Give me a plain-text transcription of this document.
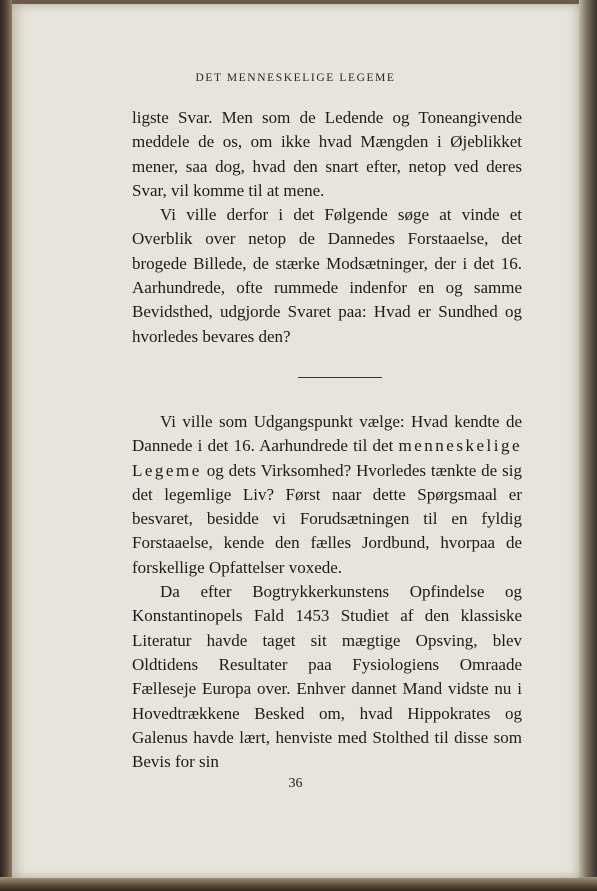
DET MENNESKELIGE LEGEME

ligste Svar. Men som de Ledende og Toneangivende meddele de os, om ikke hvad Mængden i Øjeblikket mener, saa dog, hvad den snart efter, netop ved deres Svar, vil komme til at mene.

Vi ville derfor i det Følgende søge at vinde et Overblik over netop de Dannedes Forstaaelse, det brogede Billede, de stærke Modsætninger, der i det 16. Aarhundrede, ofte rummede indenfor en og samme Bevidsthed, udgjorde Svaret paa: Hvad er Sundhed og hvorledes bevares den?

Vi ville som Udgangspunkt vælge: Hvad kendte de Dannede i det 16. Aarhundrede til det menneskelige Legeme og dets Virksomhed? Hvorledes tænkte de sig det legemlige Liv? Først naar dette Spørgsmaal er besvaret, besidde vi Forudsætningen til en fyldig Forstaaelse, kende den fælles Jordbund, hvorpaa de forskellige Opfattelser voxede.

Da efter Bogtrykkerkunstens Opfindelse og Konstantinopels Fald 1453 Studiet af den klassiske Literatur havde taget sit mægtige Opsving, blev Oldtidens Resultater paa Fysiologiens Omraade Fælleseje Europa over. Enhver dannet Mand vidste nu i Hovedtrækkene Besked om, hvad Hippokrates og Galenus havde lært, henviste med Stolthed til disse som Bevis for sin

36
